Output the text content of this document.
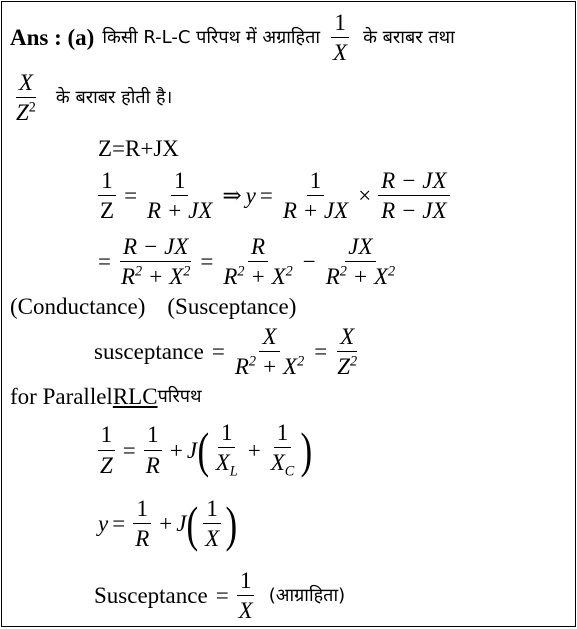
Ans : (a) किसी R-L-C परिपथ में अग्राहिता $\frac{1}{X}$ के बराबर तथा
$\frac{X}{Z^2}$ के बराबर होती है।
Z=R+JX
$\frac{1}{Z} = \frac{1}{R + JX}$ ⇒ $y = \frac{1}{R + JX} \times \frac{R - JX}{R - JX}$
= $\frac{R - JX}{R^2 + X^2} = \frac{R}{R^2 + X^2} - \frac{JX}{R^2 + X^2}$
(Conductance) (Susceptance)
susceptance = $\frac{X}{R^2 + X^2} = \frac{X}{Z^2}$
for Parallel RLC परिपथ
$\frac{1}{Z} = \frac{1}{R} + J$ ( $\frac{1}{X_L} + \frac{1}{X_C}$ )
$y = \frac{1}{R} + J$ ( $\frac{1}{X}$ )
Susceptance = $\frac{1}{X}$ (आग्राहिता)
